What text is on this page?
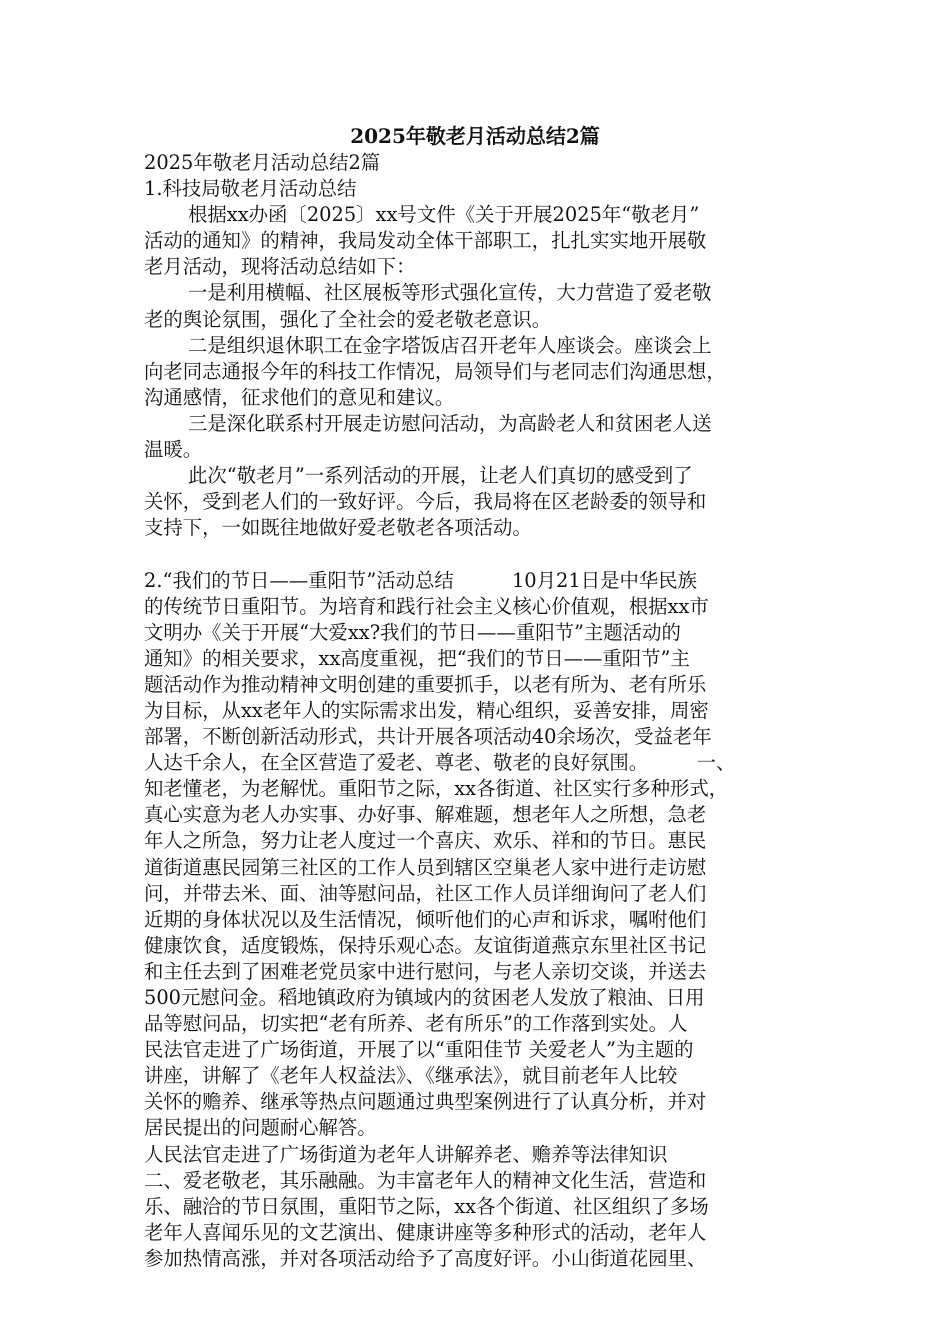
2025年敬老月活动总结2篇
2025年敬老月活动总结2篇
1.科技局敬老月活动总结
根据xx办函〔2025〕xx号文件《关于开展2025年“敬老月”
活动的通知》的精神，我局发动全体干部职工，扎扎实实地开展敬
老月活动，现将活动总结如下：
一是利用横幅、社区展板等形式强化宣传，大力营造了爱老敬
老的舆论氛围，强化了全社会的爱老敬老意识。
二是组织退休职工在金字塔饭店召开老年人座谈会。座谈会上
向老同志通报今年的科技工作情况，局领导们与老同志们沟通思想，
沟通感情，征求他们的意见和建议。
三是深化联系村开展走访慰问活动，为高龄老人和贫困老人送
温暖。
此次“敬老月”一系列活动的开展，让老人们真切的感受到了
关怀，受到老人们的一致好评。今后，我局将在区老龄委的领导和
支持下，一如既往地做好爱老敬老各项活动。
2.“我们的节日——重阳节”活动总结　　　10月21日是中华民族
的传统节日重阳节。为培育和践行社会主义核心价值观，根据xx市
文明办《关于开展“大爱xx?我们的节日——重阳节”主题活动的
通知》的相关要求，xx高度重视，把“我们的节日——重阳节”主
题活动作为推动精神文明创建的重要抓手，以老有所为、老有所乐
为目标，从xx老年人的实际需求出发，精心组织，妥善安排，周密
部署，不断创新活动形式，共计开展各项活动40余场次，受益老年
人达千余人，在全区营造了爱老、尊老、敬老的良好氛围。　　　一、
知老懂老，为老解忧。重阳节之际，xx各街道、社区实行多种形式，
真心实意为老人办实事、办好事、解难题，想老年人之所想，急老
年人之所急，努力让老人度过一个喜庆、欢乐、祥和的节日。惠民
道街道惠民园第三社区的工作人员到辖区空巢老人家中进行走访慰
问，并带去米、面、油等慰问品，社区工作人员详细询问了老人们
近期的身体状况以及生活情况，倾听他们的心声和诉求，嘱咐他们
健康饮食，适度锻炼，保持乐观心态。友谊街道燕京东里社区书记
和主任去到了困难老党员家中进行慰问，与老人亲切交谈，并送去
500元慰问金。稻地镇政府为镇域内的贫困老人发放了粮油、日用
品等慰问品，切实把“老有所养、老有所乐”的工作落到实处。人
民法官走进了广场街道，开展了以“重阳佳节 关爱老人”为主题的
讲座，讲解了《老年人权益法》、《继承法》，就目前老年人比较
关怀的赡养、继承等热点问题通过典型案例进行了认真分析，并对
居民提出的问题耐心解答。
人民法官走进了广场街道为老年人讲解养老、赡养等法律知识
二、爱老敬老，其乐融融。为丰富老年人的精神文化生活，营造和
乐、融洽的节日氛围，重阳节之际，xx各个街道、社区组织了多场
老年人喜闻乐见的文艺演出、健康讲座等多种形式的活动，老年人
参加热情高涨，并对各项活动给予了高度好评。小山街道花园里、
